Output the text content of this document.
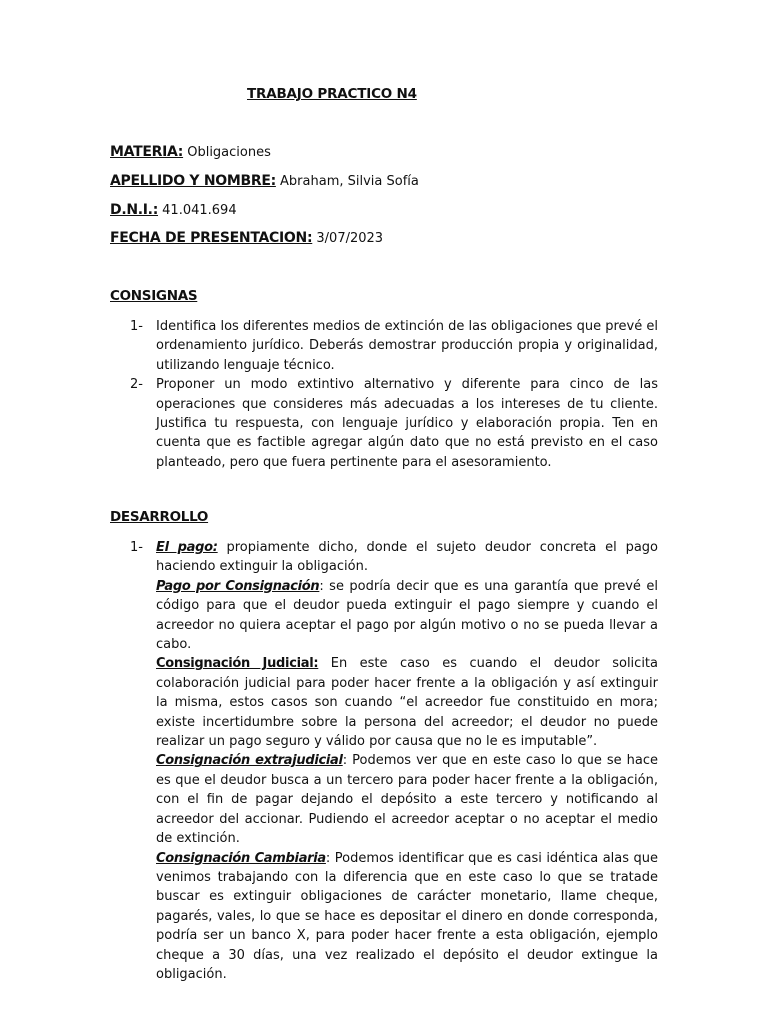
TRABAJO PRACTICO N4
MATERIA: Obligaciones
APELLIDO Y NOMBRE: Abraham, Silvia Sofía
D.N.I.: 41.041.694
FECHA DE PRESENTACION: 3/07/2023
CONSIGNAS
1- Identifica los diferentes medios de extinción de las obligaciones que prevé el ordenamiento jurídico. Deberás demostrar producción propia y originalidad, utilizando lenguaje técnico.
2- Proponer un modo extintivo alternativo y diferente para cinco de las operaciones que consideres más adecuadas a los intereses de tu cliente. Justifica tu respuesta, con lenguaje jurídico y elaboración propia. Ten en cuenta que es factible agregar algún dato que no está previsto en el caso planteado, pero que fuera pertinente para el asesoramiento.
DESARROLLO
1- El pago: propiamente dicho, donde el sujeto deudor concreta el pago haciendo extinguir la obligación.
Pago por Consignación: se podría decir que es una garantía que prevé el código para que el deudor pueda extinguir el pago siempre y cuando el acreedor no quiera aceptar el pago por algún motivo o no se pueda llevar a cabo.
Consignación Judicial: En este caso es cuando el deudor solicita colaboración judicial para poder hacer frente a la obligación y así extinguir la misma, estos casos son cuando “el acreedor fue constituido en mora; existe incertidumbre sobre la persona del acreedor; el deudor no puede realizar un pago seguro y válido por causa que no le es imputable”.
Consignación extrajudicial: Podemos ver que en este caso lo que se hace es que el deudor busca a un tercero para poder hacer frente a la obligación, con el fin de pagar dejando el depósito a este tercero y notificando al acreedor del accionar. Pudiendo el acreedor aceptar o no aceptar el medio de extinción.
Consignación Cambiaria: Podemos identificar que es casi idéntica alas que venimos trabajando con la diferencia que en este caso lo que se tratade buscar es extinguir obligaciones de carácter monetario, llame cheque, pagarés, vales, lo que se hace es depositar el dinero en donde corresponda, podría ser un banco X, para poder hacer frente a esta obligación, ejemplo cheque a 30 días, una vez realizado el depósito el deudor extingue la obligación.
